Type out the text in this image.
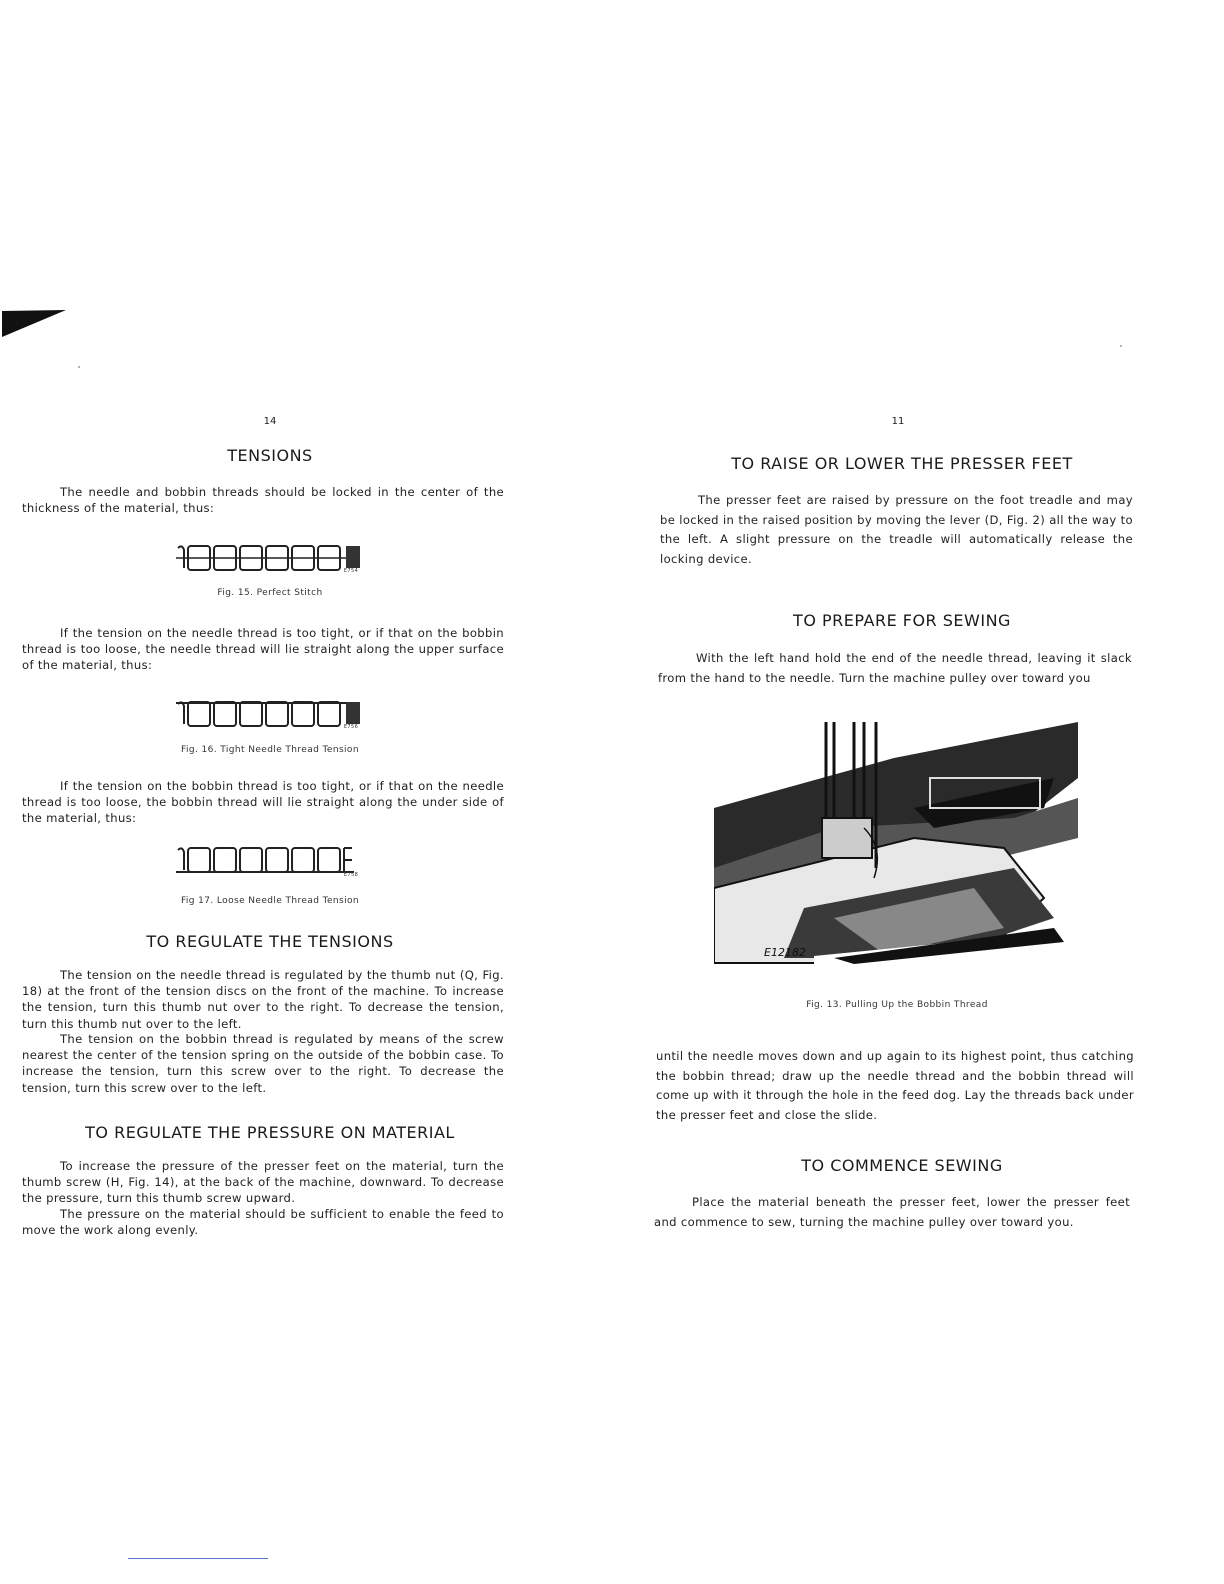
14
TENSIONS

The needle and bobbin threads should be locked in the center of the thickness of the material, thus:

E754
Fig. 15. Perfect Stitch

If the tension on the needle thread is too tight, or if that on the bobbin thread is too loose, the needle thread will lie straight along the upper surface of the material, thus:

E756
Fig. 16. Tight Needle Thread Tension

If the tension on the bobbin thread is too tight, or if that on the needle thread is too loose, the bobbin thread will lie straight along the under side of the material, thus:

E758
Fig 17. Loose Needle Thread Tension
TO REGULATE THE TENSIONS

The tension on the needle thread is regulated by the thumb nut (Q, Fig. 18) at the front of the tension discs on the front of the machine. To increase the tension, turn this thumb nut over to the right. To decrease the tension, turn this thumb nut over to the left.

The tension on the bobbin thread is regulated by means of the screw nearest the center of the tension spring on the outside of the bobbin case. To increase the tension, turn this screw over to the right. To decrease the tension, turn this screw over to the left.

TO REGULATE THE PRESSURE ON MATERIAL

To increase the pressure of the presser feet on the material, turn the thumb screw (H, Fig. 14), at the back of the machine, downward. To decrease the pressure, turn this thumb screw upward.

The pressure on the material should be sufficient to enable the feed to move the work along evenly.

11
TO RAISE OR LOWER THE PRESSER FEET

The presser feet are raised by pressure on the foot treadle and may be locked in the raised position by moving the lever (D, Fig. 2) all the way to the left. A slight pressure on the treadle will automatically release the locking device.

TO PREPARE FOR SEWING

With the left hand hold the end of the needle thread, leaving it slack from the hand to the needle. Turn the machine pulley over toward you

E12182
Fig. 13. Pulling Up the Bobbin Thread

until the needle moves down and up again to its highest point, thus catching the bobbin thread; draw up the needle thread and the bobbin thread will come up with it through the hole in the feed dog. Lay the threads back under the presser feet and close the slide.

TO COMMENCE SEWING

Place the material beneath the presser feet, lower the presser feet and commence to sew, turning the machine pulley over toward you.
